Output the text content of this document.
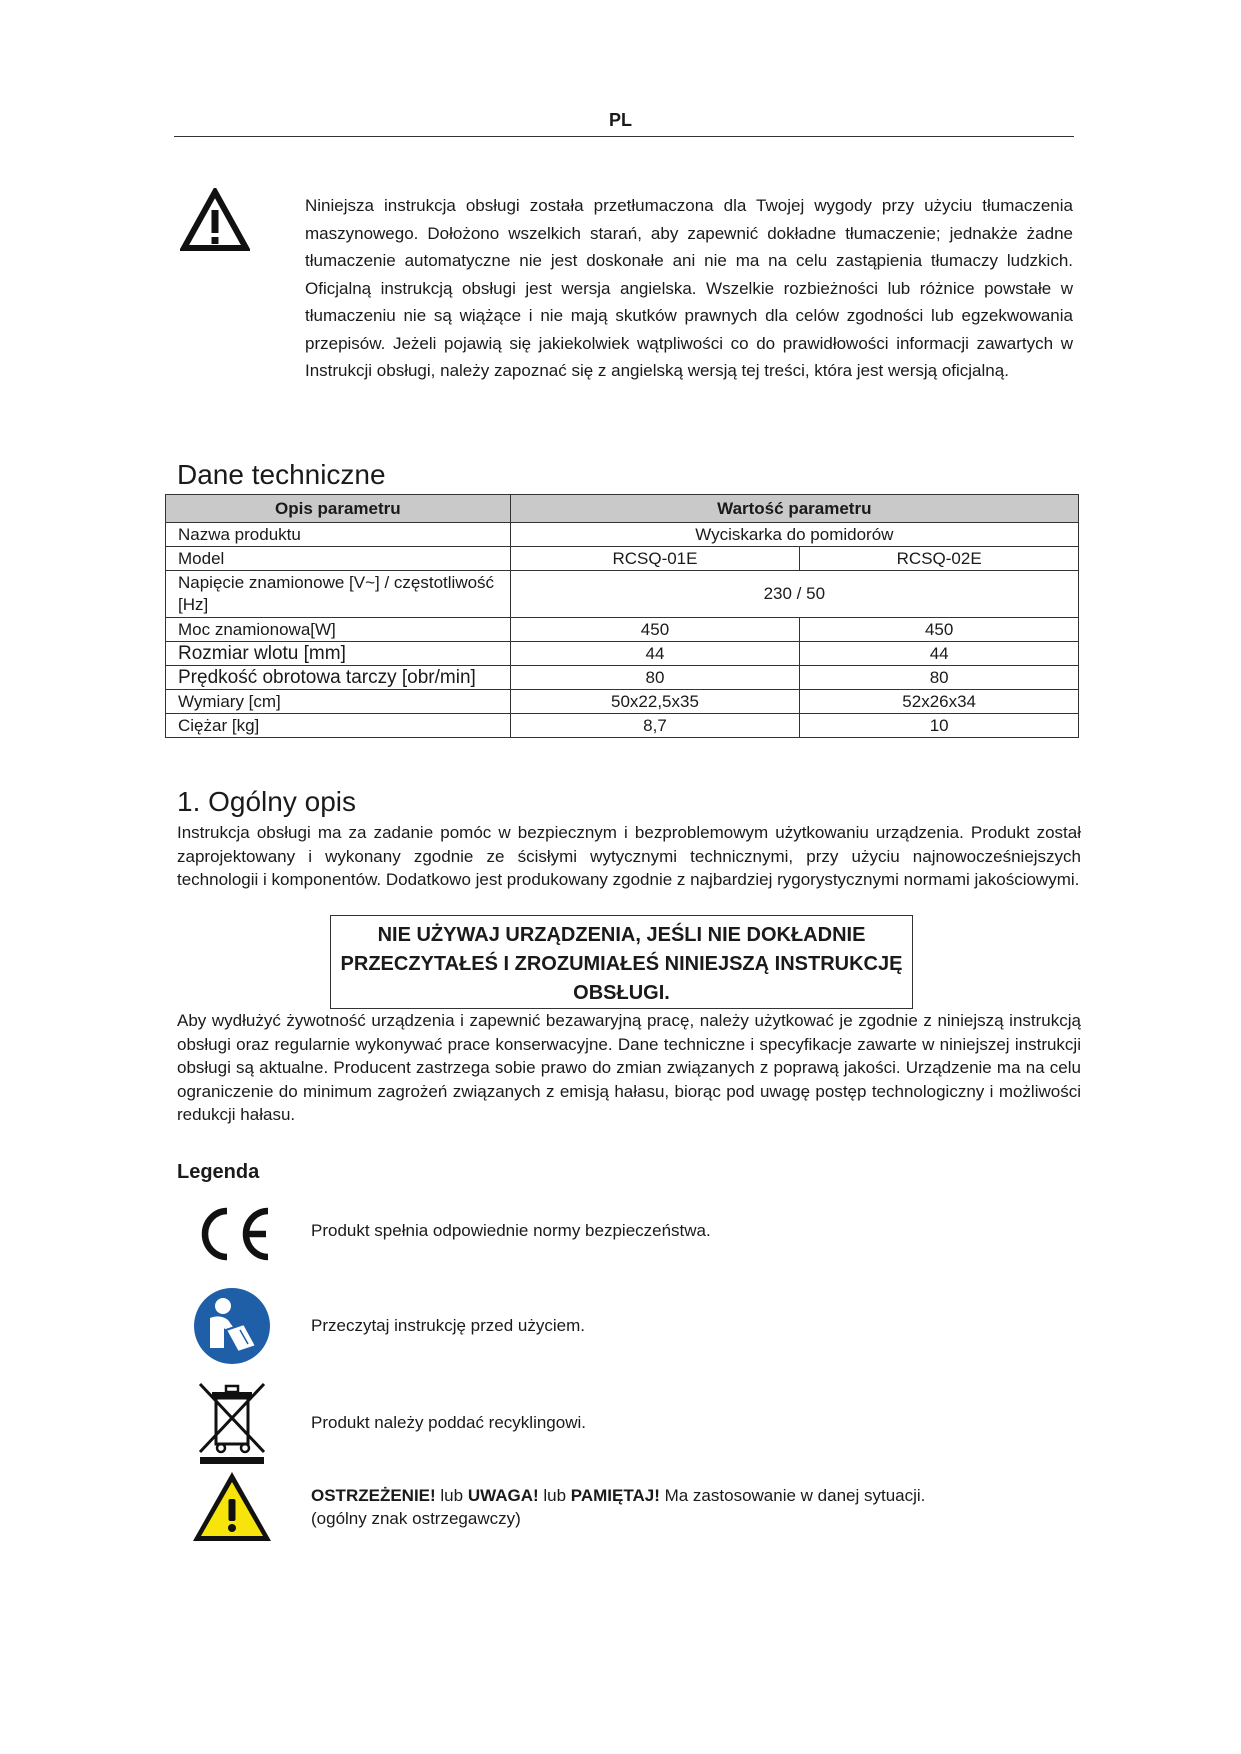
PL
Niniejsza instrukcja obsługi została przetłumaczona dla Twojej wygody przy użyciu tłumaczenia maszynowego. Dołożono wszelkich starań, aby zapewnić dokładne tłumaczenie; jednakże żadne tłumaczenie automatyczne nie jest doskonałe ani nie ma na celu zastąpienia tłumaczy ludzkich. Oficjalną instrukcją obsługi jest wersja angielska. Wszelkie rozbieżności lub różnice powstałe w tłumaczeniu nie są wiążące i nie mają skutków prawnych dla celów zgodności lub egzekwowania przepisów. Jeżeli pojawią się jakiekolwiek wątpliwości co do prawidłowości informacji zawartych w Instrukcji obsługi, należy zapoznać się z angielską wersją tej treści, która jest wersją oficjalną.
Dane techniczne
Opis parametru	Wartość parametru	
Nazwa produktu	Wyciskarka do pomidorów	
Model	RCSQ-01E	RCSQ-02E
Napięcie znamionowe [V~] / częstotliwość [Hz]	230 / 50	
Moc znamionowa[W]	450	450
Rozmiar wlotu [mm]	44	44
Prędkość obrotowa tarczy [obr/min]	80	80
Wymiary [cm]	50x22,5x35	52x26x34
Ciężar [kg]	8,7	10
1. Ogólny opis
Instrukcja obsługi ma za zadanie pomóc w bezpiecznym i bezproblemowym użytkowaniu urządzenia. Produkt został zaprojektowany i wykonany zgodnie ze ścisłymi wytycznymi technicznymi, przy użyciu najnowocześniejszych technologii i komponentów. Dodatkowo jest produkowany zgodnie z najbardziej rygorystycznymi normami jakościowymi.
NIE UŻYWAJ URZĄDZENIA, JEŚLI NIE DOKŁADNIE
PRZECZYTAŁEŚ I ZROZUMIAŁEŚ NINIEJSZĄ INSTRUKCJĘ
OBSŁUGI.
Aby wydłużyć żywotność urządzenia i zapewnić bezawaryjną pracę, należy użytkować je zgodnie z niniejszą instrukcją obsługi oraz regularnie wykonywać prace konserwacyjne. Dane techniczne i specyfikacje zawarte w niniejszej instrukcji obsługi są aktualne. Producent zastrzega sobie prawo do zmian związanych z poprawą jakości. Urządzenie ma na celu ograniczenie do minimum zagrożeń związanych z emisją hałasu, biorąc pod uwagę postęp technologiczny i możliwości redukcji hałasu.
Legenda
Produkt spełnia odpowiednie normy bezpieczeństwa.
Przeczytaj instrukcję przed użyciem.
Produkt należy poddać recyklingowi.
OSTRZEŻENIE! lub UWAGA! lub PAMIĘTAJ! Ma zastosowanie w danej sytuacji.
(ogólny znak ostrzegawczy)
